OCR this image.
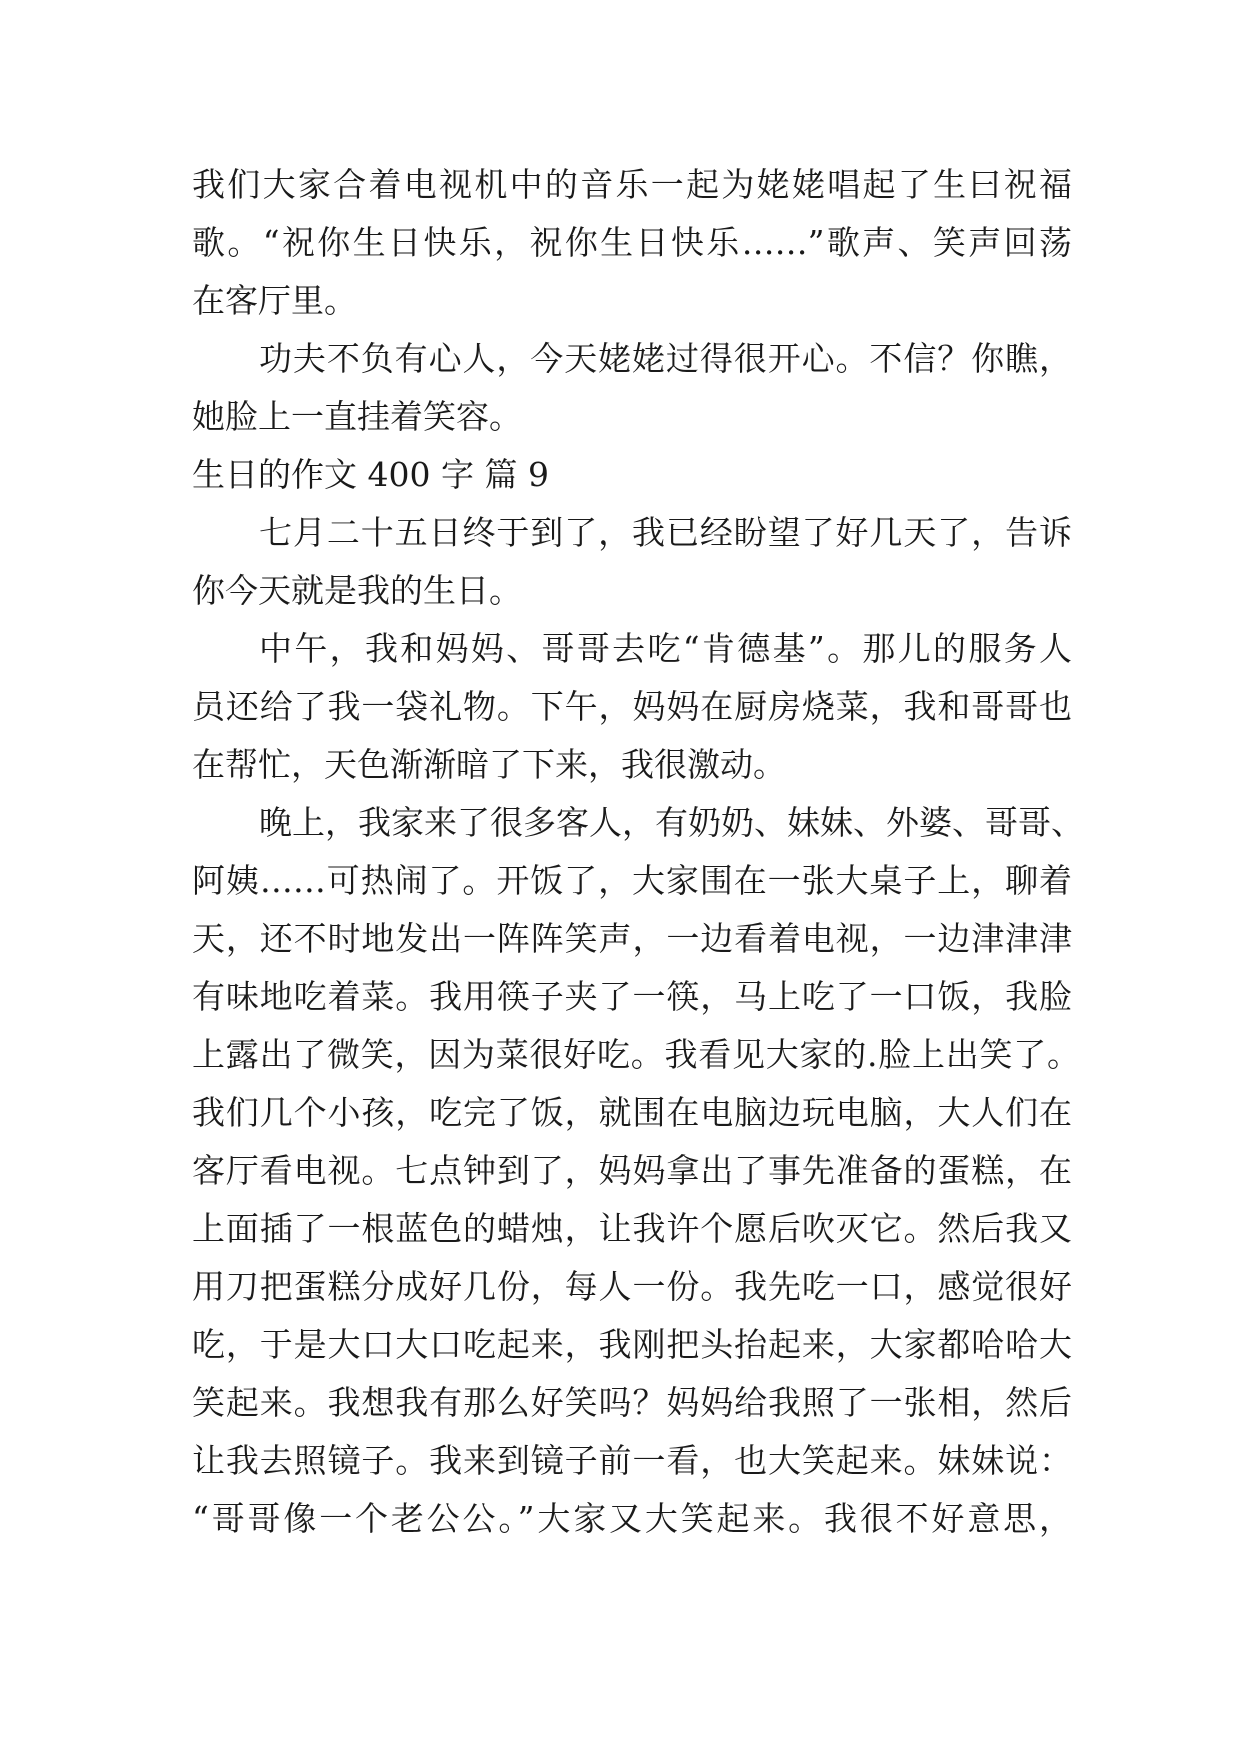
我们大家合着电视机中的音乐一起为姥姥唱起了生曰祝福
歌。“祝你生日快乐，祝你生日快乐……”歌声、笑声回荡
在客厅里。
功夫不负有心人，今天姥姥过得很开心。不信？你瞧，
她脸上一直挂着笑容。
生日的作文 400 字 篇 9
七月二十五日终于到了，我已经盼望了好几天了，告诉
你今天就是我的生日。
中午，我和妈妈、哥哥去吃“肯德基”。那儿的服务人
员还给了我一袋礼物。下午，妈妈在厨房烧菜，我和哥哥也
在帮忙，天色渐渐暗了下来，我很激动。
晚上，我家来了很多客人，有奶奶、妹妹、外婆、哥哥、
阿姨……可热闹了。开饭了，大家围在一张大桌子上，聊着
天，还不时地发出一阵阵笑声，一边看着电视，一边津津津
有味地吃着菜。我用筷子夹了一筷，马上吃了一口饭，我脸
上露出了微笑，因为菜很好吃。我看见大家的.脸上出笑了。
我们几个小孩，吃完了饭，就围在电脑边玩电脑，大人们在
客厅看电视。七点钟到了，妈妈拿出了事先准备的蛋糕，在
上面插了一根蓝色的蜡烛，让我许个愿后吹灭它。然后我又
用刀把蛋糕分成好几份，每人一份。我先吃一口，感觉很好
吃，于是大口大口吃起来，我刚把头抬起来，大家都哈哈大
笑起来。我想我有那么好笑吗？妈妈给我照了一张相，然后
让我去照镜子。我来到镜子前一看，也大笑起来。妹妹说：
“哥哥像一个老公公。”大家又大笑起来。我很不好意思，
